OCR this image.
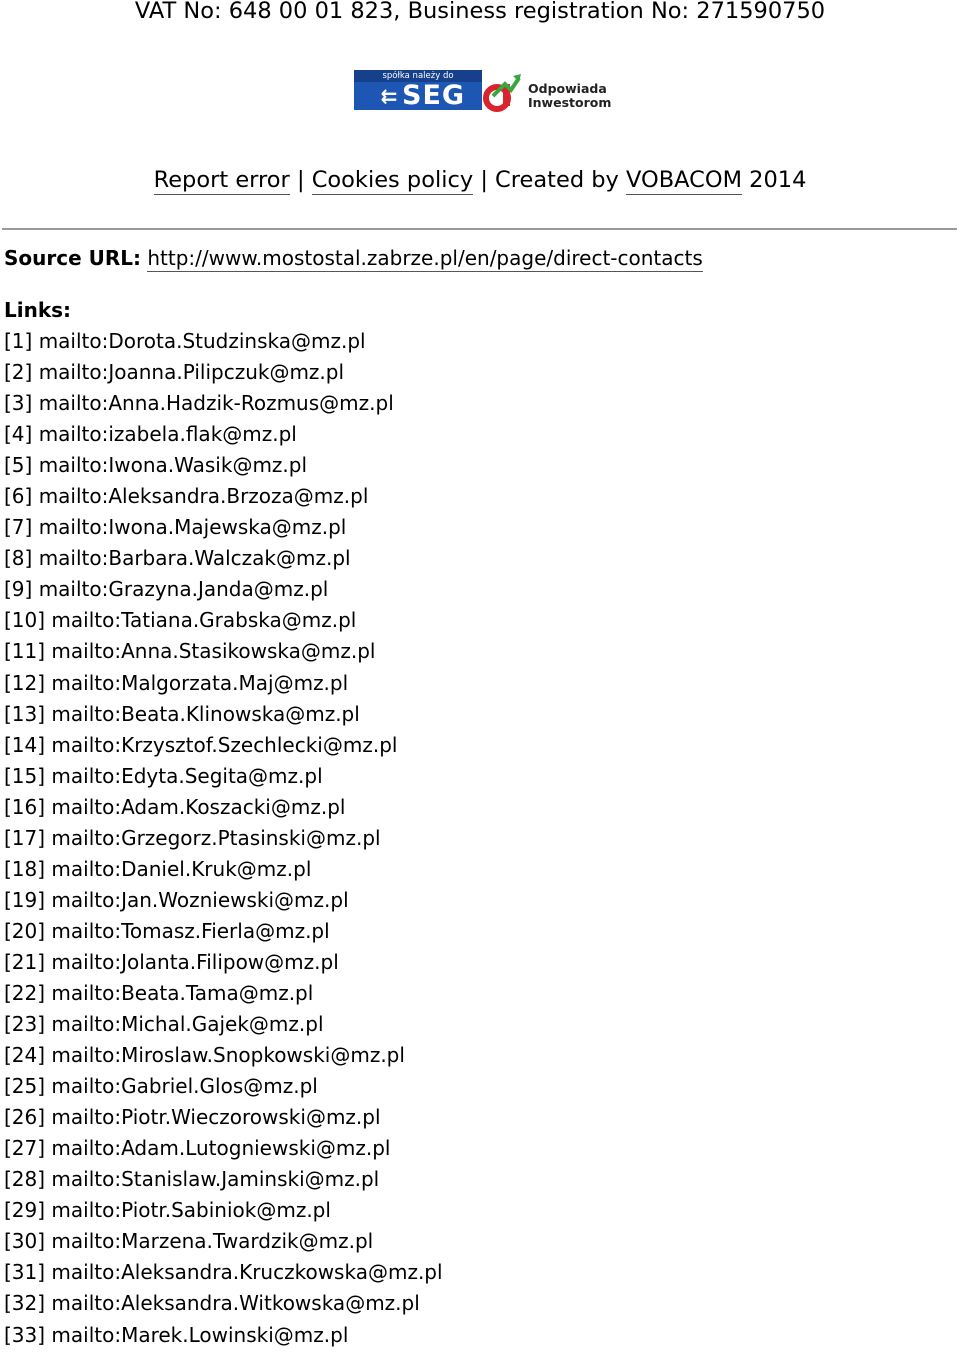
VAT No: 648 00 01 823, Business registration No: 271590750
spółka należy do
⇇ SEG	Odpowiada
Inwestorom
Report error | Cookies policy | Created by VOBACOM 2014
Source URL: http://www.mostostal.zabrze.pl/en/page/direct-contacts
Links:
[1] mailto:Dorota.Studzinska@mz.pl
[2] mailto:Joanna.Pilipczuk@mz.pl
[3] mailto:Anna.Hadzik-Rozmus@mz.pl
[4] mailto:izabela.flak@mz.pl
[5] mailto:Iwona.Wasik@mz.pl
[6] mailto:Aleksandra.Brzoza@mz.pl
[7] mailto:Iwona.Majewska@mz.pl
[8] mailto:Barbara.Walczak@mz.pl
[9] mailto:Grazyna.Janda@mz.pl
[10] mailto:Tatiana.Grabska@mz.pl
[11] mailto:Anna.Stasikowska@mz.pl
[12] mailto:Malgorzata.Maj@mz.pl
[13] mailto:Beata.Klinowska@mz.pl
[14] mailto:Krzysztof.Szechlecki@mz.pl
[15] mailto:Edyta.Segita@mz.pl
[16] mailto:Adam.Koszacki@mz.pl
[17] mailto:Grzegorz.Ptasinski@mz.pl
[18] mailto:Daniel.Kruk@mz.pl
[19] mailto:Jan.Wozniewski@mz.pl
[20] mailto:Tomasz.Fierla@mz.pl
[21] mailto:Jolanta.Filipow@mz.pl
[22] mailto:Beata.Tama@mz.pl
[23] mailto:Michal.Gajek@mz.pl
[24] mailto:Miroslaw.Snopkowski@mz.pl
[25] mailto:Gabriel.Glos@mz.pl
[26] mailto:Piotr.Wieczorowski@mz.pl
[27] mailto:Adam.Lutogniewski@mz.pl
[28] mailto:Stanislaw.Jaminski@mz.pl
[29] mailto:Piotr.Sabiniok@mz.pl
[30] mailto:Marzena.Twardzik@mz.pl
[31] mailto:Aleksandra.Kruczkowska@mz.pl
[32] mailto:Aleksandra.Witkowska@mz.pl
[33] mailto:Marek.Lowinski@mz.pl
